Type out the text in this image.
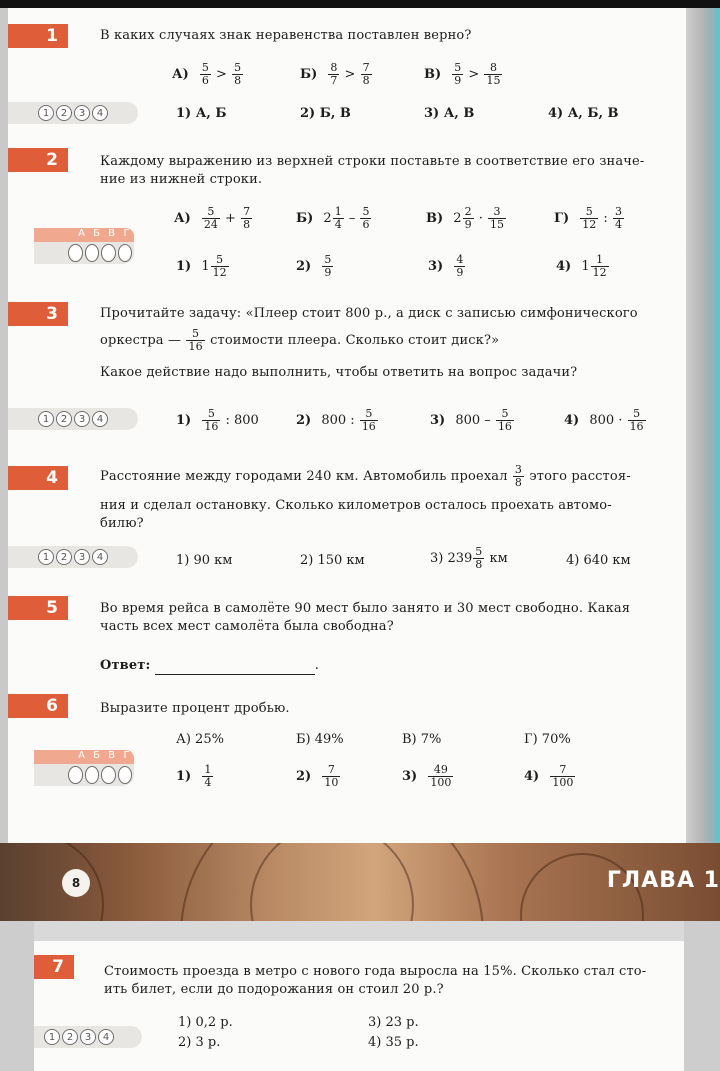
1	В каких случаях знак неравенства поставлен верно?
$А) \frac{5}{6} > \frac{5}{8}$	$Б) \frac{8}{7} > \frac{7}{8}$	$В) \frac{5}{9} > \frac{8}{15}$
1	2	3	4	1) А, Б	2) Б, В	3) А, В	4) А, Б, В
2	Каждому выражению из верхней строки поставьте в соответствие его значе-
ние из нижней строки.
$А) \frac{5}{24} + \frac{7}{8}$	Б) $2 \frac{1}{4} - \frac{5}{6}$	В) $2 \frac{2}{9} \cdot \frac{3}{15}$	$Г) \frac{5}{12}$ : $\frac{3}{4}$
А Б В Г
1) $1 \frac{5}{12}$	$2) \frac{5}{9}$	$3) \frac{4}{9}$	4) $1 \frac{1}{12}$
3	Прочитайте задачу: «Плеер стоит 800 р., а диск с записью симфонического
оркестра — $\frac{5}{16}$ стоимости плеера. Сколько стоит диск?»
Какое действие надо выполнить, чтобы ответить на вопрос задачи?
1	2	3	4	$1) \frac{5}{16}$ : 800	2) 800 : $\frac{5}{16}$	3) $800 - \frac{5}{16}$	4) $800 \cdot \frac{5}{16}$
4	Расстояние между городами 240 км. Автомобиль проехал $\frac{3}{8}$ этого расстоя-
ния и сделал остановку. Сколько километров осталось проехать автомо-
билю?
1	2	3	4	1) 90 км	2) 150 км	3) $239 \frac{5}{8}$ км	4) 640 км
5	Во время рейса в самолёте 90 мест было занято и 30 мест свободно. Какая
часть всех мест самолёта была свободна?
Ответ:	.
6	Выразите процент дробью.
А) 25%	Б) 49%	В) 7%	Г) 70%
А Б В Г
$1) \frac{1}{4}$	$2) \frac{7}{10}$	$3) \frac{49}{100}$	$4) \frac{7}{100}$
8	ГЛАВА 1
7	Стоимость проезда в метро с нового года выросла на 15%. Сколько стал сто-
ить билет, если до подорожания он стоил 20 р.?
1	2	3	4
1) 0,2 р.	3) 23 р.
2) 3 р.	4) 35 р.
